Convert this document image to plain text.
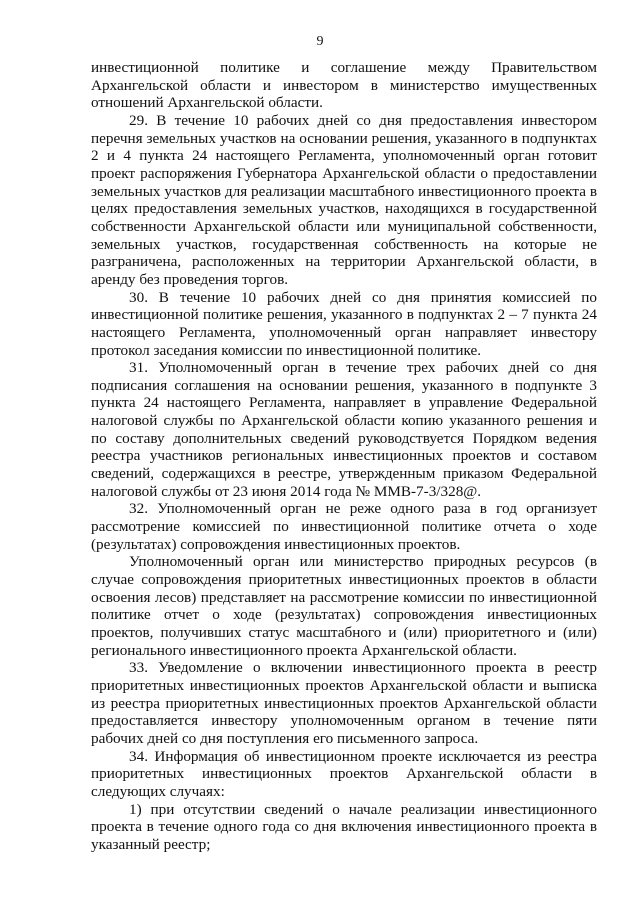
9

инвестиционной политике и соглашение между Правительством Архангельской области и инвестором в министерство имущественных отношений Архангельской области.

29. В течение 10 рабочих дней со дня предоставления инвестором перечня земельных участков на основании решения, указанного в подпунктах 2 и 4 пункта 24 настоящего Регламента, уполномоченный орган готовит проект распоряжения Губернатора Архангельской области о предоставлении земельных участков для реализации масштабного инвестиционного проекта в целях предоставления земельных участков, находящихся в государственной собственности Архангельской области или муниципальной собственности, земельных участков, государственная собственность на которые не разграничена, расположенных на территории Архангельской области, в аренду без проведения торгов.

30. В течение 10 рабочих дней со дня принятия комиссией по инвестиционной политике решения, указанного в подпунктах 2 – 7 пункта 24 настоящего Регламента, уполномоченный орган направляет инвестору протокол заседания комиссии по инвестиционной политике.

31. Уполномоченный орган в течение трех рабочих дней со дня подписания соглашения на основании решения, указанного в подпункте 3 пункта 24 настоящего Регламента, направляет в управление Федеральной налоговой службы по Архангельской области копию указанного решения и по составу дополнительных сведений руководствуется Порядком ведения реестра участников региональных инвестиционных проектов и составом сведений, содержащихся в реестре, утвержденным приказом Федеральной налоговой службы от 23 июня 2014 года № ММВ-7-3/328@.

32. Уполномоченный орган не реже одного раза в год организует рассмотрение комиссией по инвестиционной политике отчета о ходе (результатах) сопровождения инвестиционных проектов.

Уполномоченный орган или министерство природных ресурсов (в случае сопровождения приоритетных инвестиционных проектов в области освоения лесов) представляет на рассмотрение комиссии по инвестиционной политике отчет о ходе (результатах) сопровождения инвестиционных проектов, получивших статус масштабного и (или) приоритетного и (или) регионального инвестиционного проекта Архангельской области.

33. Уведомление о включении инвестиционного проекта в реестр приоритетных инвестиционных проектов Архангельской области и выписка из реестра приоритетных инвестиционных проектов Архангельской области предоставляется инвестору уполномоченным органом в течение пяти рабочих дней со дня поступления его письменного запроса.

34. Информация об инвестиционном проекте исключается из реестра приоритетных инвестиционных проектов Архангельской области в следующих случаях:

1) при отсутствии сведений о начале реализации инвестиционного проекта в течение одного года со дня включения инвестиционного проекта в указанный реестр;
